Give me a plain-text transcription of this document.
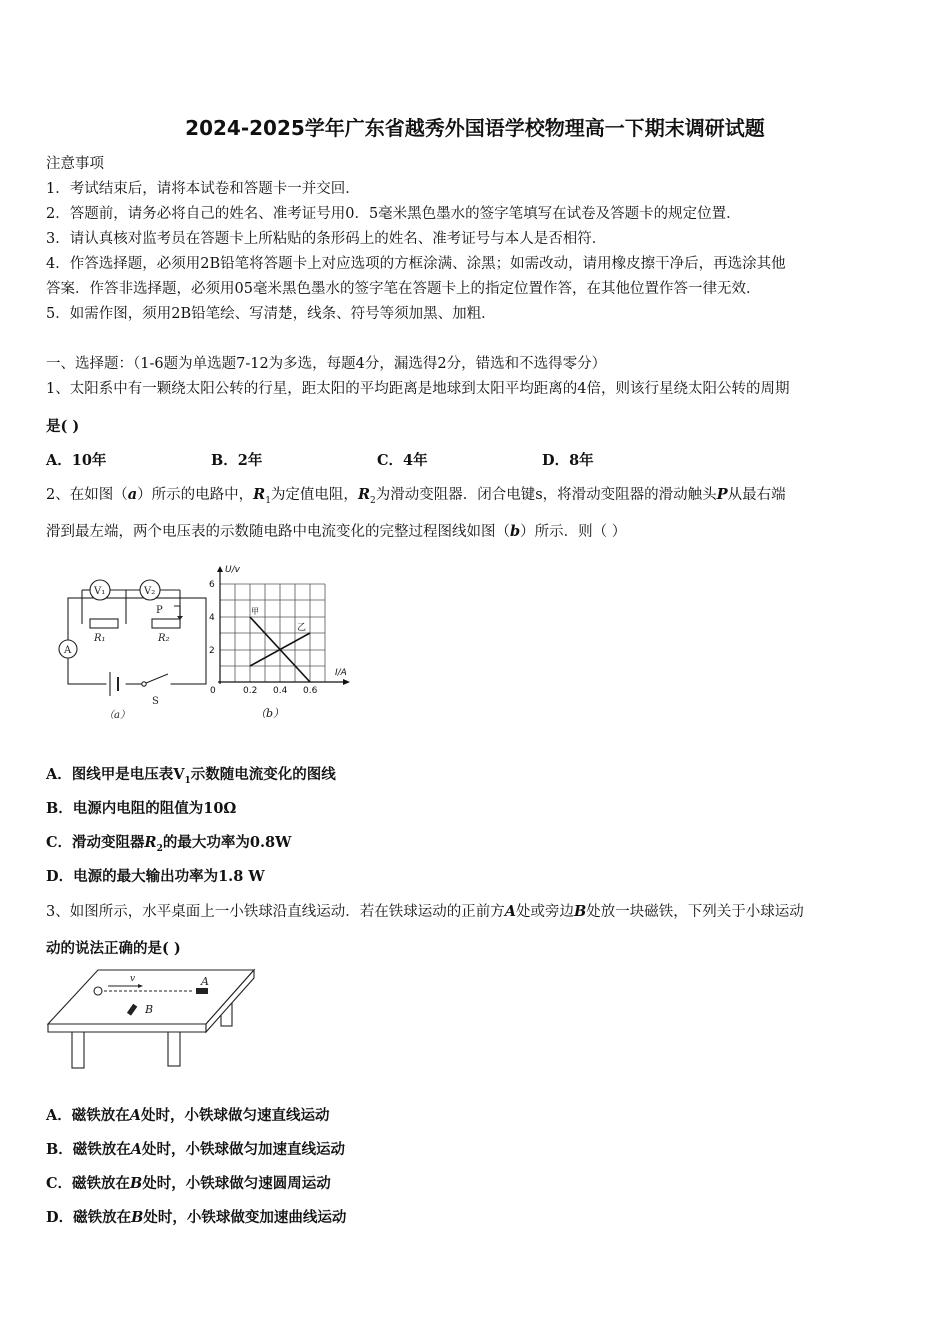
2024-2025学年广东省越秀外国语学校物理高一下期末调研试题
注意事项
1．考试结束后，请将本试卷和答题卡一并交回．
2．答题前，请务必将自己的姓名、准考证号用0．5毫米黑色墨水的签字笔填写在试卷及答题卡的规定位置．
3．请认真核对监考员在答题卡上所粘贴的条形码上的姓名、准考证号与本人是否相符．
4．作答选择题，必须用2B铅笔将答题卡上对应选项的方框涂满、涂黑；如需改动，请用橡皮擦干净后，再选涂其他
答案．作答非选择题，必须用05毫米黑色墨水的签字笔在答题卡上的指定位置作答，在其他位置作答一律无效．
5．如需作图，须用2B铅笔绘、写清楚，线条、符号等须加黑、加粗．
一、选择题：（1-6题为单选题7-12为多选，每题4分，漏选得2分，错选和不选得零分）
1、太阳系中有一颗绕太阳公转的行星，距太阳的平均距离是地球到太阳平均距离的4倍，则该行星绕太阳公转的周期
是( )
A．10年	B．2年	C．4年	D．8年
2、在如图（a）所示的电路中，$R_1$为定值电阻，$R_2$为滑动变阻器．闭合电键s，将滑动变阻器的滑动触头P从最右端
滑到最左端，两个电压表的示数随电路中电流变化的完整过程图线如图（b）所示．则（ ）
V₁	V₂
P
R₁	R₂
A
S
（a）
U/v
I/A
2
4
6
0	0.2 0.4 0.6
甲
乙
（b）
A．图线甲是电压表$V_1$示数随电流变化的图线
B．电源内电阻的阻值为10Ω
C．滑动变阻器$R_2$的最大功率为0.8W
D．电源的最大输出功率为1.8 W
3、如图所示，水平桌面上一小铁球沿直线运动．若在铁球运动的正前方A处或旁边B处放一块磁铁，下列关于小球运动
动的说法正确的是( )
v	A
B
A．磁铁放在A处时，小铁球做匀速直线运动
B．磁铁放在A处时，小铁球做匀加速直线运动
C．磁铁放在B处时，小铁球做匀速圆周运动
D．磁铁放在B处时，小铁球做变加速曲线运动
